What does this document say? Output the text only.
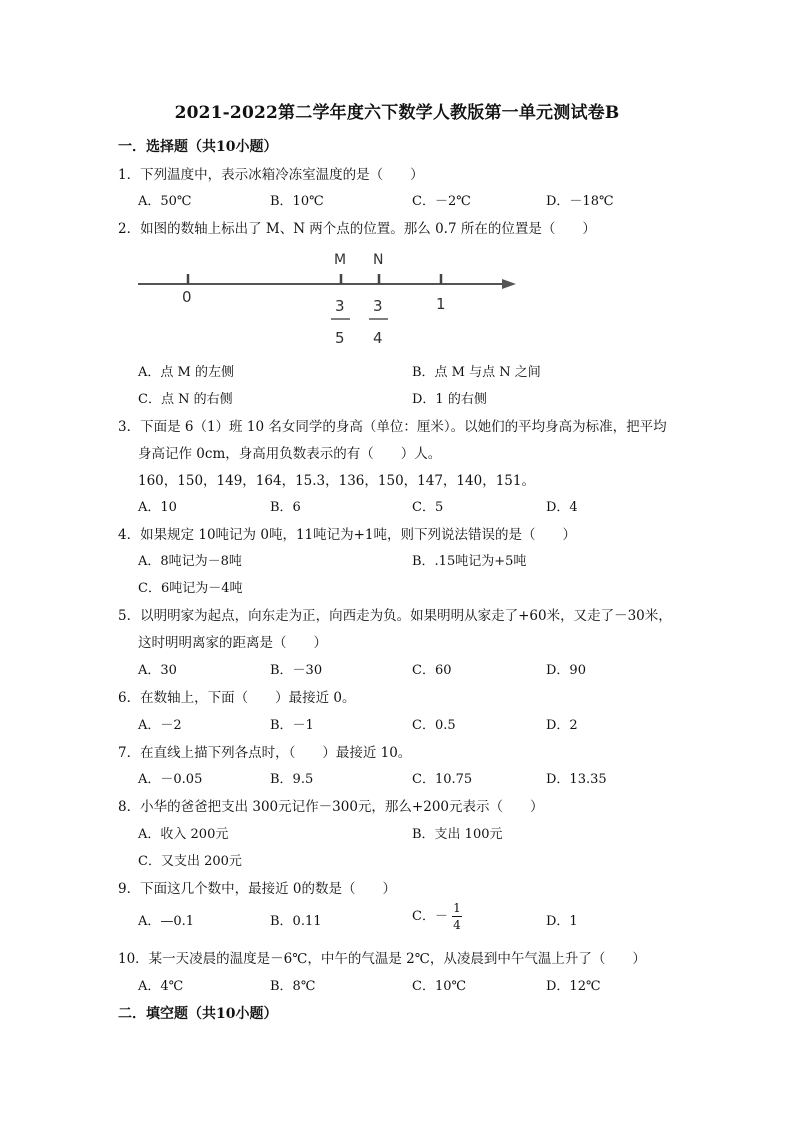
2021-2022第二学年度六下数学人教版第一单元测试卷B
一．选择题（共10小题）
1．下列温度中，表示冰箱冷冻室温度的是（　　）
A．50℃	B．10℃	C．－2℃	D．－18℃
2．如图的数轴上标出了 M、N 两个点的位置。那么 0.7 所在的位置是（　　）
M N
0	1
3
5
3
4
A．点 M 的左侧	B．点 M 与点 N 之间
C．点 N 的右侧	D．1 的右侧
3．下面是 6（1）班 10 名女同学的身高（单位：厘米）。以她们的平均身高为标准，把平均
身高记作 0cm，身高用负数表示的有（　　）人。
160，150，149，164，15.3，136，150，147，140，151。
A．10	B．6	C．5	D．4
4．如果规定 10吨记为 0吨，11吨记为+1吨，则下列说法错误的是（　　）
A．8吨记为－8吨	B．.15吨记为+5吨
C．6吨记为－4吨
5．以明明家为起点，向东走为正，向西走为负。如果明明从家走了+60米，又走了－30米，
这时明明离家的距离是（　　）
A．30	B．－30	C．60	D．90
6．在数轴上，下面（　　）最接近 0。
A．－2	B．－1	C．0.5	D．2
7．在直线上描下列各点时，（　　）最接近 10。
A．－0.05	B．9.5	C．10.75	D．13.35
8．小华的爸爸把支出 300元记作－300元，那么+200元表示（　　）
A．收入 200元	B．支出 100元
C．又支出 200元
9．下面这几个数中，最接近 0的数是（　　）
A．—0.1	B．0.11	C．－ $\frac{1}{4}$	D．1
10．某一天凌晨的温度是－6℃，中午的气温是 2℃，从凌晨到中午气温上升了（　　）
A．4℃	B．8℃	C．10℃	D．12℃
二．填空题（共10小题）
